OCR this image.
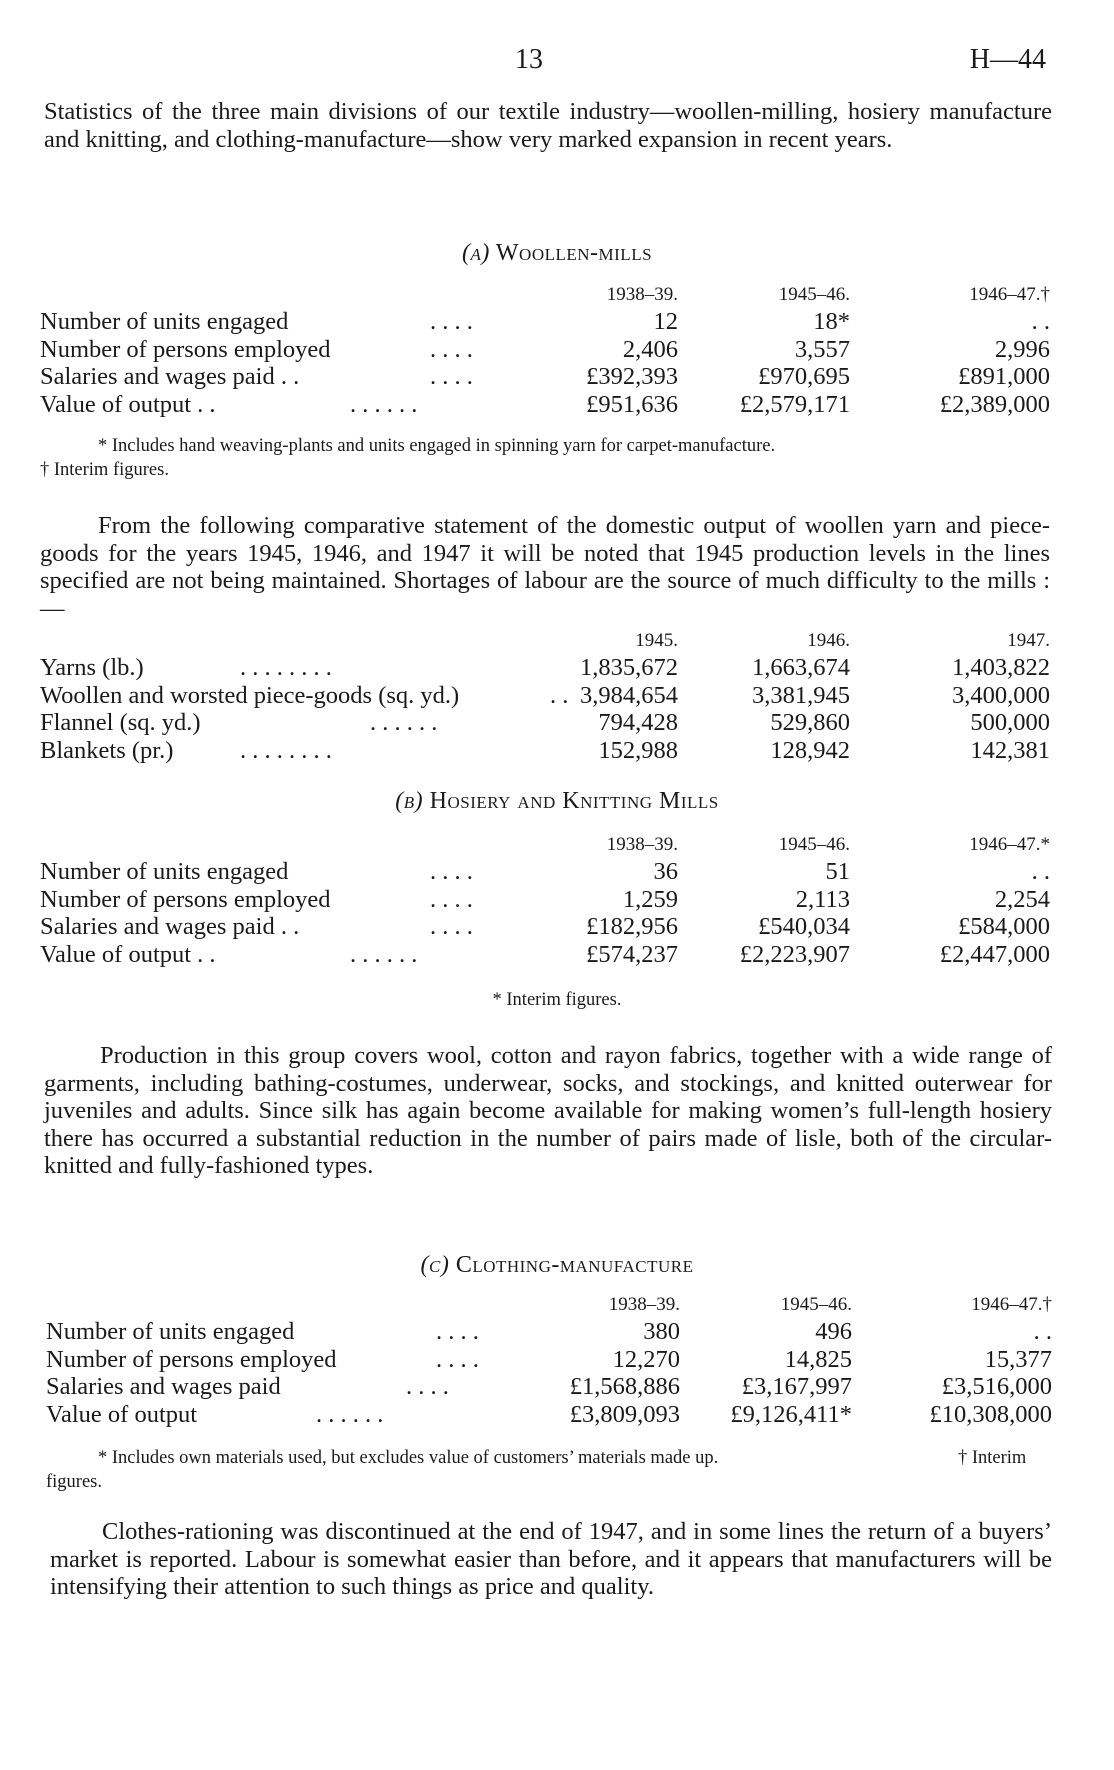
13	H—44

Statistics of the three main divisions of our textile industry—woollen-milling, hosiery manufacture and knitting, and clothing-manufacture—show very marked expansion in recent years.

(a) Woollen-mills
1938–39.	1945–46.	1946–47.†
Number of units engaged	. . . .	12	18*	. .
Number of persons employed	. . . .	2,406	3,557	2,996
Salaries and wages paid . .	. . . .	£392,393	£970,695	£891,000
Value of output . .	. . . . . .	£951,636	£2,579,171	£2,389,000

* Includes hand weaving-plants and units engaged in spinning yarn for carpet-manufacture.

† Interim figures.

From the following comparative statement of the domestic output of woollen yarn and piece-goods for the years 1945, 1946, and 1947 it will be noted that 1945 production levels in the lines specified are not being maintained. Shortages of labour are the source of much difficulty to the mills :—

1945.	1946.	1947.
Yarns (lb.)	. . . . . . . .	1,835,672	1,663,674	1,403,822
Woollen and worsted piece-goods (sq. yd.)	. . 3,984,654	3,381,945	3,400,000
Flannel (sq. yd.)	. . . . . .	794,428	529,860	500,000
Blankets (pr.)	. . . . . . . .	152,988	128,942	142,381
(b) Hosiery and Knitting Mills
1938–39.	1945–46.	1946–47.*
Number of units engaged	. . . .	36	51	. .
Number of persons employed	. . . .	1,259	2,113	2,254
Salaries and wages paid . .	. . . .	£182,956	£540,034	£584,000
Value of output . .	. . . . . .	£574,237	£2,223,907	£2,447,000

* Interim figures.

Production in this group covers wool, cotton and rayon fabrics, together with a wide range of garments, including bathing-costumes, underwear, socks, and stockings, and knitted outerwear for juveniles and adults. Since silk has again become available for making women’s full-length hosiery there has occurred a substantial reduction in the number of pairs made of lisle, both of the circular-knitted and fully-fashioned types.

(c) Clothing-manufacture
1938–39.	1945–46.	1946–47.†
Number of units engaged	. . . .	380	496	. .
Number of persons employed	. . . .	12,270	14,825	15,377
Salaries and wages paid	. . . .	£1,568,886	£3,167,997	£3,516,000
Value of output	. . . . . .	£3,809,093 £9,126,411*	£10,308,000

* Includes own materials used, but excludes value of customers’ materials made up.	† Interim

figures.

Clothes-rationing was discontinued at the end of 1947, and in some lines the return of a buyers’ market is reported. Labour is somewhat easier than before, and it appears that manufacturers will be intensifying their attention to such things as price and quality.
